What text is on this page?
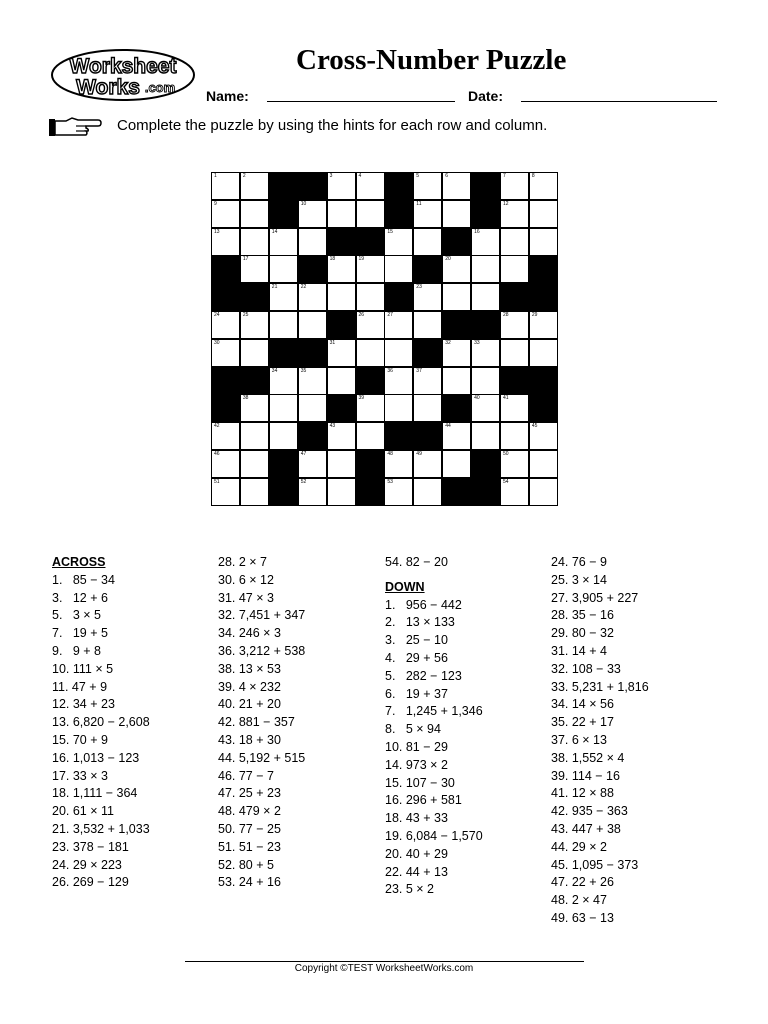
Worksheet
Works .com
Cross-Number Puzzle
Name:	Date:
Complete the puzzle by using the hints for each row and column.
1	2	3	4	5	6	7	8
9	10	11	12
13	14	15	16
17	18	19	20
21	22	23
24	25	26	27	28	29
30	31	32	33
34	35	36	37
38	39	40	41
42	43	44	45
46	47	48	49	50
51	52	53	54
ACROSS
1.   85 − 34
3.   12 + 6
5.   3 × 5
7.   19 + 5
9.   9 + 8
10. 111 × 5
11. 47 + 9
12. 34 + 23
13. 6,820 − 2,608
15. 70 + 9
16. 1,013 − 123
17. 33 × 3
18. 1,111 − 364
20. 61 × 11
21. 3,532 + 1,033
23. 378 − 181
24. 29 × 223
26. 269 − 129
28. 2 × 7
30. 6 × 12
31. 47 × 3
32. 7,451 + 347
34. 246 × 3
36. 3,212 + 538
38. 13 × 53
39. 4 × 232
40. 21 + 20
42. 881 − 357
43. 18 + 30
44. 5,192 + 515
46. 77 − 7
47. 25 + 23
48. 479 × 2
50. 77 − 25
51. 51 − 23
52. 80 + 5
53. 24 + 16
54. 82 − 20
DOWN
1.   956 − 442
2.   13 × 133
3.   25 − 10
4.   29 + 56
5.   282 − 123
6.   19 + 37
7.   1,245 + 1,346
8.   5 × 94
10. 81 − 29
14. 973 × 2
15. 107 − 30
16. 296 + 581
18. 43 + 33
19. 6,084 − 1,570
20. 40 + 29
22. 44 + 13
23. 5 × 2
24. 76 − 9
25. 3 × 14
27. 3,905 + 227
28. 35 − 16
29. 80 − 32
31. 14 + 4
32. 108 − 33
33. 5,231 + 1,816
34. 14 × 56
35. 22 + 17
37. 6 × 13
38. 1,552 × 4
39. 114 − 16
41. 12 × 88
42. 935 − 363
43. 447 + 38
44. 29 × 2
45. 1,095 − 373
47. 22 + 26
48. 2 × 47
49. 63 − 13
Copyright ©TEST WorksheetWorks.com
